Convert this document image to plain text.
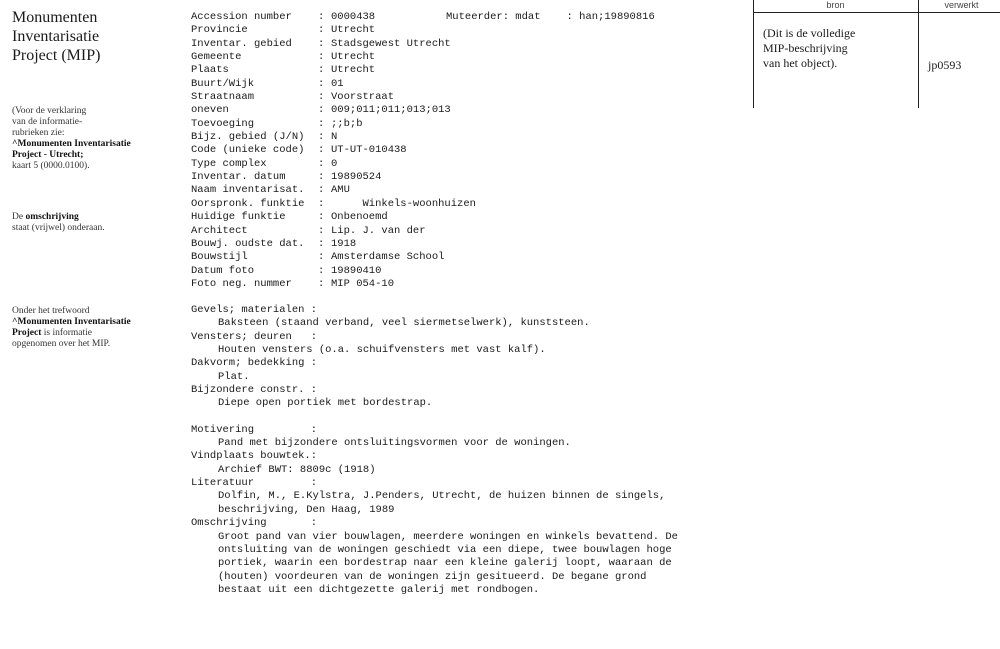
Monumenten
Inventarisatie
Project (MIP)
(Voor de verklaring
van de informatie-
rubrieken zie:
^Monumenten Inventarisatie
Project - Utrecht;
kaart 5 (0000.0100).
De omschrijving
staat (vrijwel) onderaan.
Onder het trefwoord
^Monumenten Inventarisatie
Project is informatie
opgenomen over het MIP.
bron	verwerkt
(Dit is de volledige
MIP-beschrijving
van het object).	jp0593
Muteerder: mdat : han;19890816
Accession number	: 0000438
Provincie	: Utrecht
Inventar. gebied	: Stadsgewest Utrecht
Gemeente	: Utrecht
Plaats	: Utrecht
Buurt/Wijk	: 01
Straatnaam	: Voorstraat
oneven	: 009;011;011;013;013
Toevoeging	: ;;b;b
Bijz. gebied (J/N)	: N
Code (unieke code)	: UT-UT-010438
Type complex	: 0
Inventar. datum	: 19890524
Naam inventarisat.	: AMU
Oorspronk. funktie	: Winkels-woonhuizen
Huidige funktie	: Onbenoemd
Architect	: Lip. J. van der
Bouwj. oudste dat.	: 1918
Bouwstijl	: Amsterdamse School
Datum foto	: 19890410
Foto neg. nummer	: MIP 054-10
Gevels; materialen :
Baksteen (staand verband, veel siermetselwerk), kunststeen.
Vensters; deuren   :
Houten vensters (o.a. schuifvensters met vast kalf).
Dakvorm; bedekking :
Plat.
Bijzondere constr. :
Diepe open portiek met bordestrap.
Motivering         :
Pand met bijzondere ontsluitingsvormen voor de woningen.
Vindplaats bouwtek.:
Archief BWT: 8809c (1918)
Literatuur         :
Dolfin, M., E.Kylstra, J.Penders, Utrecht, de huizen binnen de singels,
beschrijving, Den Haag, 1989
Omschrijving       :
Groot pand van vier bouwlagen, meerdere woningen en winkels bevattend. De
ontsluiting van de woningen geschiedt via een diepe, twee bouwlagen hoge
portiek, waarin een bordestrap naar een kleine galerij loopt, waaraan de
(houten) voordeuren van de woningen zijn gesitueerd. De begane grond
bestaat uit een dichtgezette galerij met rondbogen.
